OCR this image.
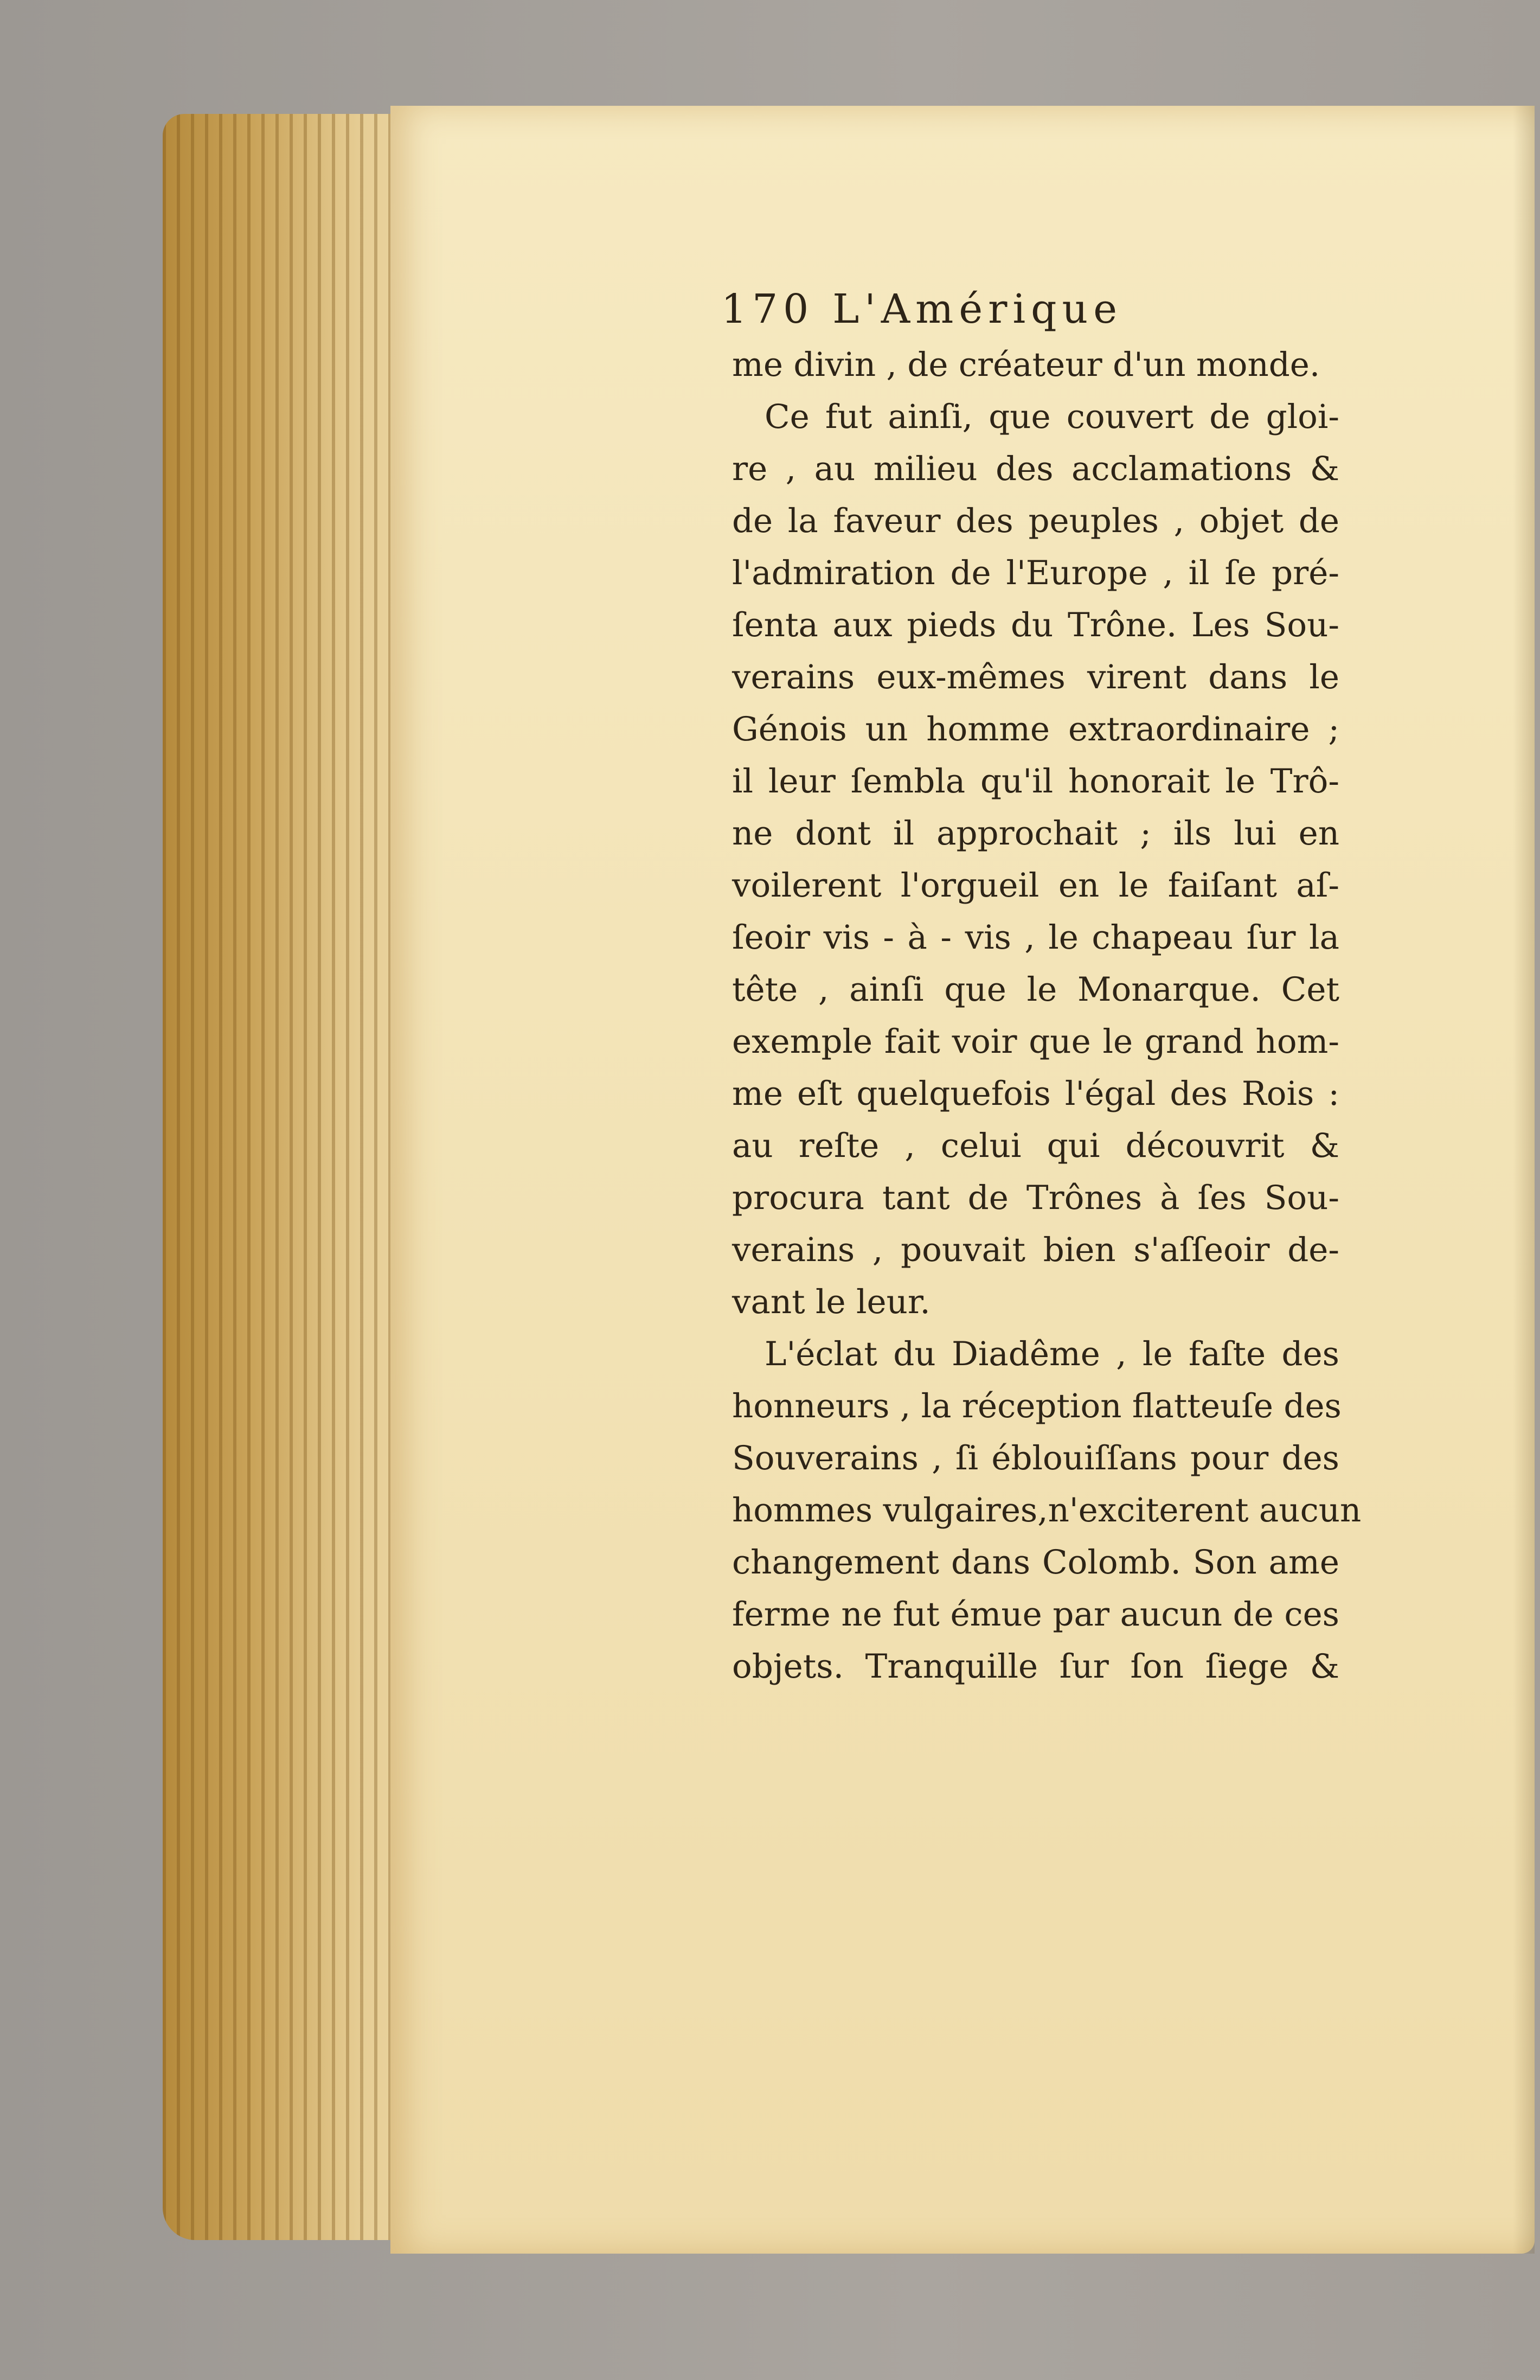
170 L'Amérique
me divin , de créateur d'un monde.
Ce fut ainſi, que couvert de gloi-
re , au milieu des acclamations &
de la faveur des peuples , objet de
l'admiration de l'Europe , il ſe pré-
ſenta aux pieds du Trône. Les Sou-
verains eux-mêmes virent dans le
Génois un homme extraordinaire ;
il leur ſembla qu'il honorait le Trô-
ne dont il approchait ; ils lui en
voilerent l'orgueil en le faiſant aſ-
ſeoir vis - à - vis , le chapeau ſur la
tête , ainſi que le Monarque. Cet
exemple fait voir que le grand hom-
me eſt quelquefois l'égal des Rois :
au reſte , celui qui découvrit &
procura tant de Trônes à ſes Sou-
verains , pouvait bien s'aſſeoir de-
vant le leur.
L'éclat du Diadême , le faſte des
honneurs , la réception flatteuſe des
Souverains , ſi éblouiſſans pour des
hommes vulgaires,n'exciterent aucun
changement dans Colomb. Son ame
ferme ne fut émue par aucun de ces
objets. Tranquille ſur ſon ſiege &
